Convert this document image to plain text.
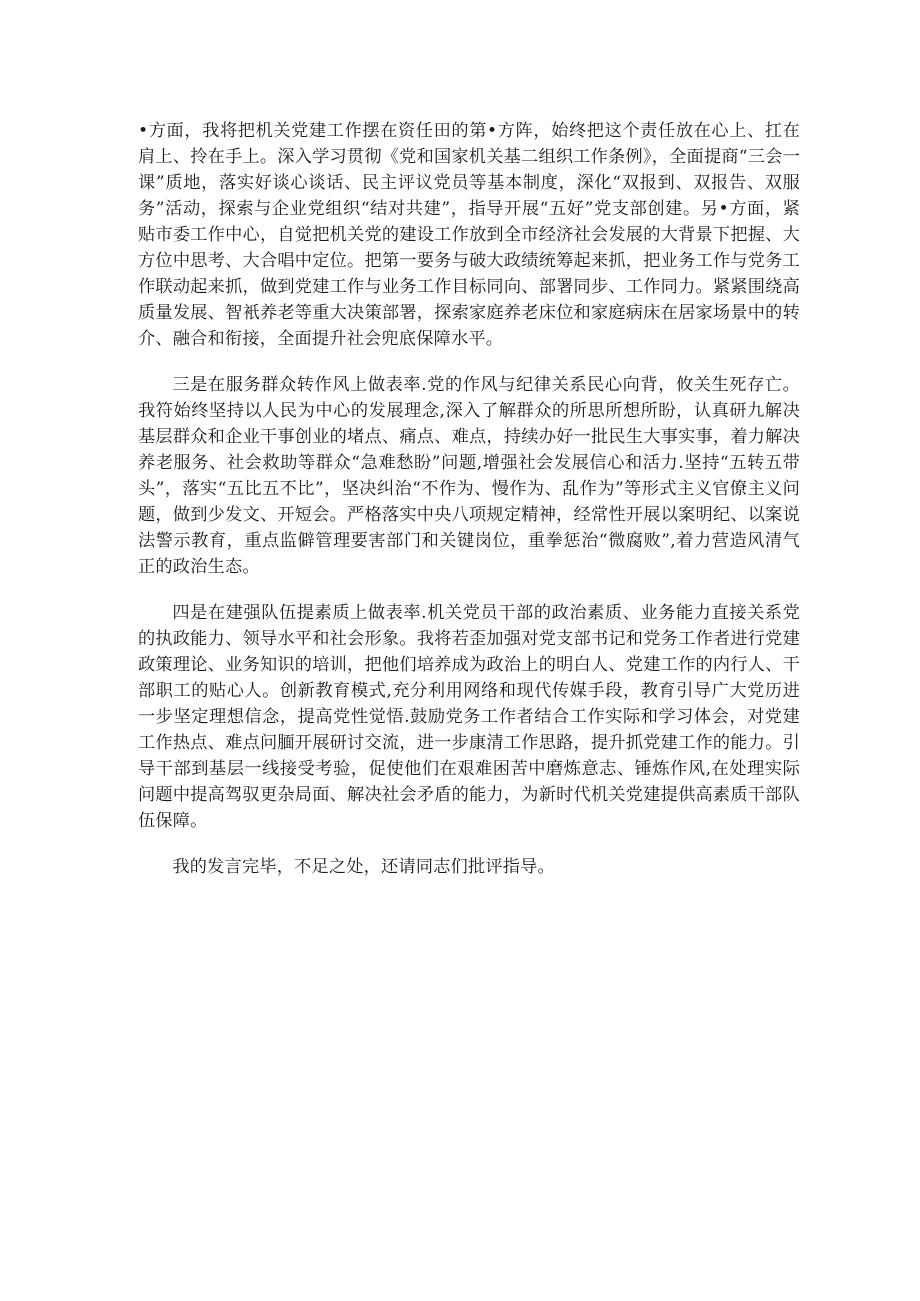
•方面，我将把机关党建工作摆在资任田的第•方阵，始终把这个责任放在心上、扛在肩上、拎在手上。深入学习贯彻《党和国家机关基二组织工作条例》，全面提商“三会一课”质地，落实好谈心谈话、民主评议党员等基本制度，深化“双报到、双报告、双服务”活动，探索与企业党组织“结对共建”，指导开展“五好”党支部创建。另•方面，紧贴市委工作中心，自觉把机关党的建设工作放到全市经济社会发展的大背景下把握、大方位中思考、大合唱中定位。把第一要务与破大政绩统筹起来抓，把业务工作与党务工作联动起来抓，做到党建工作与业务工作目标同向、部署同步、工作同力。紧紧围绕高质量发展、智衹养老等重大决策部署，探索家庭养老床位和家庭病床在居家场景中的转介、融合和衔接，全面提升社会兜底保障水平。

三是在服务群众转作风上做表率.党的作风与纪律关系民心向背，攸关生死存亡。我符始终坚持以人民为中心的发展理念,深入了解群众的所思所想所盼，认真研九解决基层群众和企业干事创业的堵点、痛点、难点，持续办好一批民生大事实事，着力解决养老服务、社会救助等群众“急难愁盼”问题,增强社会发展信心和活力.坚持“五转五带头”，落实“五比五不比”，坚决纠治“不作为、慢作为、乱作为”等形式主义官僚主义问题，做到少发文、开短会。严格落实中央八项规定精神，经常性开展以案明纪、以案说法警示教育，重点监僻管理要害部门和关键岗位，重拳惩治“微腐败”,着力营造风清气正的政治生态。

四是在建强队伍提素质上做表率.机关党员干部的政治素质、业务能力直接关系党的执政能力、领导水平和社会形象。我将若歪加强对党支部书记和党务工作者进行党建政策理论、业务知识的培训，把他们培养成为政治上的明白人、党建工作的内行人、干部职工的贴心人。创新教育模式,充分利用网络和现代传媒手段，教育引导广大党历进一步坚定理想信念，提高党性觉悟.鼓励党务工作者结合工作实际和学习体会，对党建工作热点、难点问腼开展研讨交流，进一步康清工作思路，提升抓党建工作的能力。引导干部到基层一线接受考验，促使他们在艰难困苦中磨炼意志、锤炼作风,在处理实际问题中提高驾驭更杂局面、解决社会矛盾的能力，为新时代机关党建提供高素质干部队伍保障。

我的发言完毕，不足之处，还请同志们批评指导。
